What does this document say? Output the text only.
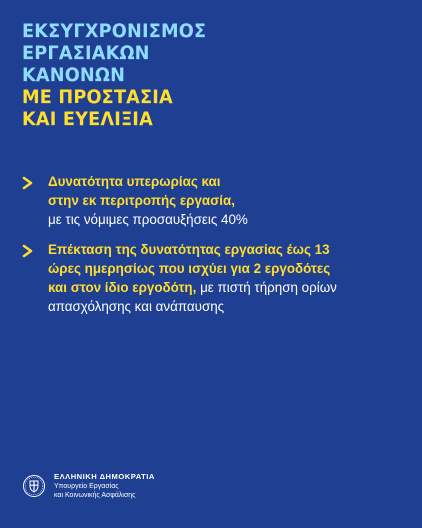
ΕΚΣΥΓΧΡΟΝΙΣΜΟΣ
ΕΡΓΑΣΙΑΚΩΝ
ΚΑΝΟΝΩΝ
ΜΕ ΠΡΟΣΤΑΣΙΑ
ΚΑΙ ΕΥΕΛΙΞΙΑ
Δυνατότητα υπερωρίας και
στην εκ περιτροπής εργασία,
με τις νόμιμες προσαυξήσεις 40%
Επέκταση της δυνατότητας εργασίας έως 13
ώρες ημερησίως που ισχύει για 2 εργοδότες
και στον ίδιο εργοδότη, με πιστή τήρηση ορίων
απασχόλησης και ανάπαυσης
ΕΛΛΗΝΙΚΗ ΔΗΜΟΚΡΑΤΙΑ
Υπουργείο Εργασίας
και Κοινωνικής Ασφάλισης
